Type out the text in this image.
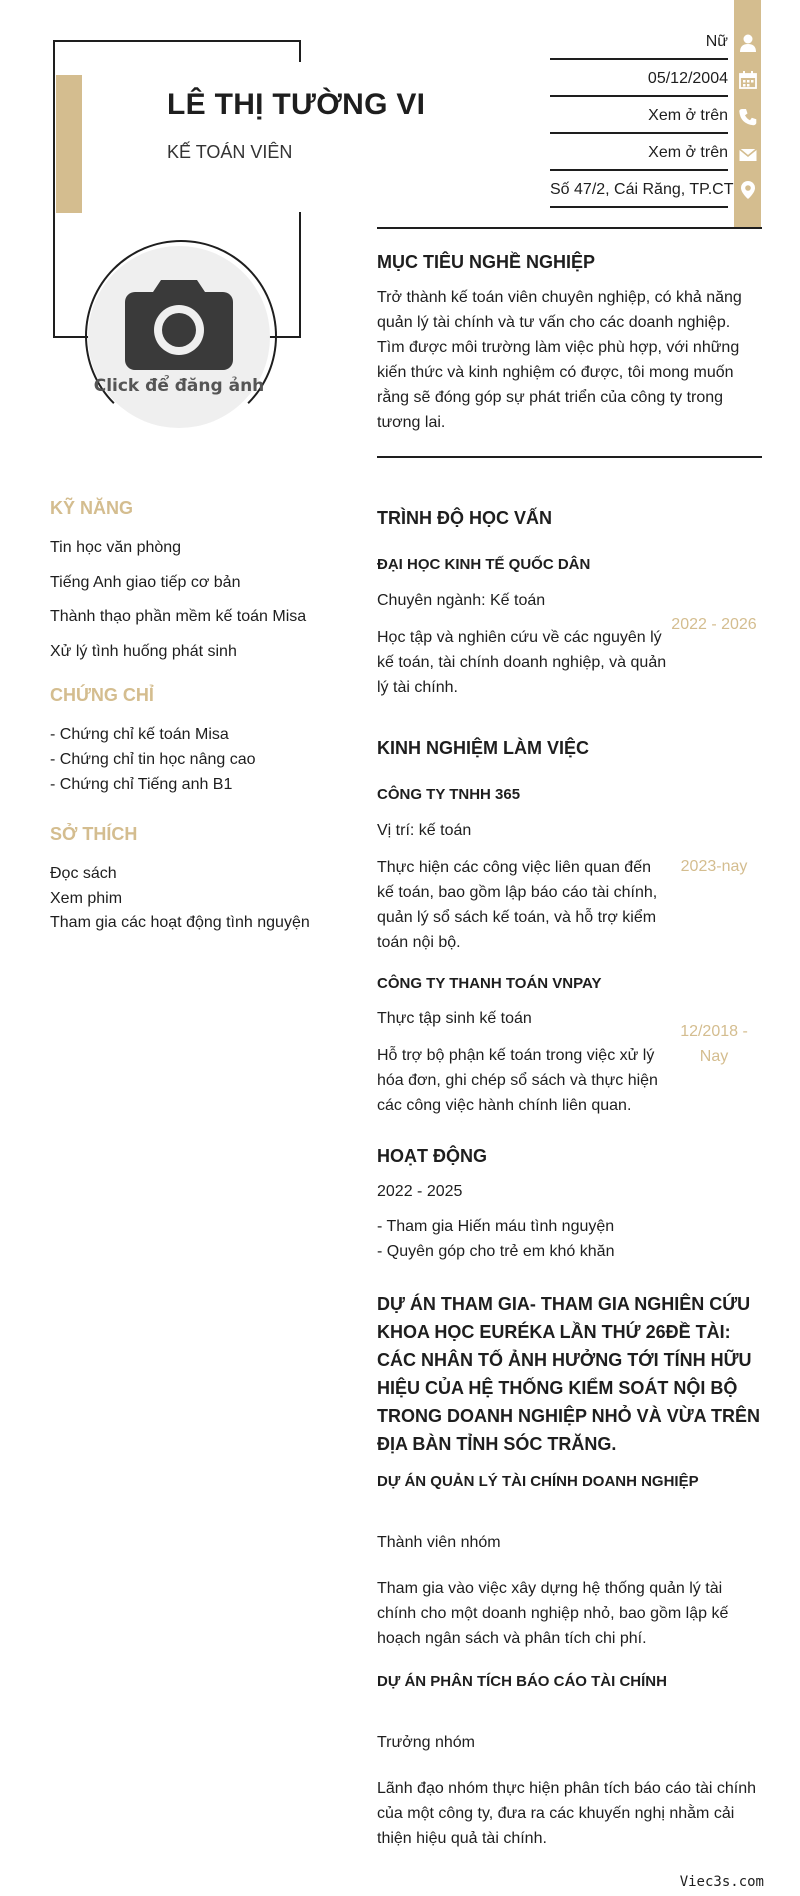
LÊ THỊ TƯỜNG VI
KẾ TOÁN VIÊN
Click để đăng ảnh
Nữ
05/12/2004
Xem ở trên
Xem ở trên
Số 47/2, Cái Răng, TP.CT
MỤC TIÊU NGHỀ NGHIỆP
Trở thành kế toán viên chuyên nghiệp, có khả năng quản lý tài chính và tư vấn cho các doanh nghiệp. Tìm được môi trường làm việc phù hợp, với những kiến thức và kinh nghiệm có được, tôi mong muốn rằng sẽ đóng góp sự phát triển của công ty trong tương lai.
KỸ NĂNG
Tin học văn phòng
Tiếng Anh giao tiếp cơ bản
Thành thạo phần mềm kế toán Misa
Xử lý tình huống phát sinh
CHỨNG CHỈ
- Chứng chỉ kế toán Misa
- Chứng chỉ tin học nâng cao
- Chứng chỉ Tiếng anh B1
SỞ THÍCH
Đọc sách
Xem phim
Tham gia các hoạt động tình nguyện
TRÌNH ĐỘ HỌC VẤN
ĐẠI HỌC KINH TẾ QUỐC DÂN
Chuyên ngành: Kế toán
Học tập và nghiên cứu về các nguyên lý kế toán, tài chính doanh nghiệp, và quản lý tài chính.
2022 - 2026
KINH NGHIỆM LÀM VIỆC
CÔNG TY TNHH 365
Vị trí: kế toán
Thực hiện các công việc liên quan đến kế toán, bao gồm lập báo cáo tài chính, quản lý sổ sách kế toán, và hỗ trợ kiểm toán nội bộ.
2023-nay
CÔNG TY THANH TOÁN VNPAY
Thực tập sinh kế toán
Hỗ trợ bộ phận kế toán trong việc xử lý hóa đơn, ghi chép sổ sách và thực hiện các công việc hành chính liên quan.
12/2018 - Nay
HOẠT ĐỘNG
2022 - 2025
- Tham gia Hiến máu tình nguyện
- Quyên góp cho trẻ em khó khăn
DỰ ÁN THAM GIA- THAM GIA NGHIÊN CỨU KHOA HỌC EURÉKA LẦN THỨ 26ĐỀ TÀI: CÁC NHÂN TỐ ẢNH HƯỞNG TỚI TÍNH HỮU HIỆU CỦA HỆ THỐNG KIỂM SOÁT NỘI BỘ TRONG DOANH NGHIỆP NHỎ VÀ VỪA TRÊN ĐỊA BÀN TỈNH SÓC TRĂNG.
DỰ ÁN QUẢN LÝ TÀI CHÍNH DOANH NGHIỆP
Thành viên nhóm
Tham gia vào việc xây dựng hệ thống quản lý tài chính cho một doanh nghiệp nhỏ, bao gồm lập kế hoạch ngân sách và phân tích chi phí.
DỰ ÁN PHÂN TÍCH BÁO CÁO TÀI CHÍNH
Trưởng nhóm
Lãnh đạo nhóm thực hiện phân tích báo cáo tài chính của một công ty, đưa ra các khuyến nghị nhằm cải thiện hiệu quả tài chính.
Viec3s.com
